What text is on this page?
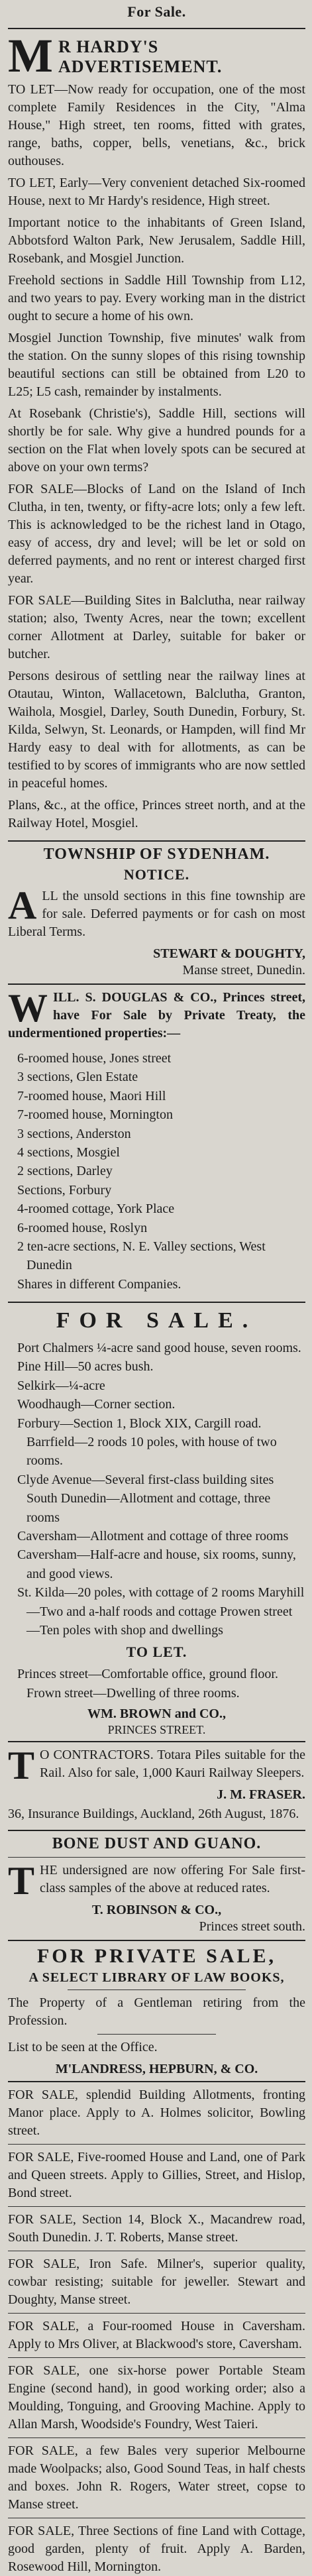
For Sale.
M R HARDY'S ADVERTISEMENT.
TO LET—Now ready for occupation, one of the most complete Family Residences in the City, "Alma House," High street, ten rooms, fitted with grates, range, baths, copper, bells, venetians, &c., brick outhouses.
TO LET, Early—Very convenient detached Six-roomed House, next to Mr Hardy's residence, High street.
Important notice to the inhabitants of Green Island, Abbotsford Walton Park, New Jerusalem, Saddle Hill, Rosebank, and Mosgiel Junction.
Freehold sections in Saddle Hill Township from L12, and two years to pay. Every working man in the district ought to secure a home of his own.
Mosgiel Junction Township, five minutes' walk from the station. On the sunny slopes of this rising township beautiful sections can still be obtained from L20 to L25; L5 cash, remainder by instalments.
At Rosebank (Christie's), Saddle Hill, sections will shortly be for sale. Why give a hundred pounds for a section on the Flat when lovely spots can be secured at above on your own terms?
FOR SALE—Blocks of Land on the Island of Inch Clutha, in ten, twenty, or fifty-acre lots; only a few left. This is acknowledged to be the richest land in Otago, easy of access, dry and level; will be let or sold on deferred payments, and no rent or interest charged first year.
FOR SALE—Building Sites in Balclutha, near railway station; also, Twenty Acres, near the town; excellent corner Allotment at Darley, suitable for baker or butcher.
Persons desirous of settling near the railway lines at Otautau, Winton, Wallacetown, Balclutha, Granton, Waihola, Mosgiel, Darley, South Dunedin, Forbury, St. Kilda, Selwyn, St. Leonards, or Hampden, will find Mr Hardy easy to deal with for allotments, as can be testified to by scores of immigrants who are now settled in peaceful homes.
Plans, &c., at the office, Princes street north, and at the Railway Hotel, Mosgiel.
TOWNSHIP OF SYDENHAM.
NOTICE.
A LL the unsold sections in this fine township are for sale. Deferred payments or for cash on most Liberal Terms.
STEWART & DOUGHTY,
Manse street, Dunedin.
W ILL. S. DOUGLAS & CO., Princes street, have For Sale by Private Treaty, the undermentioned properties:—
6-roomed house, Jones street
3 sections, Glen Estate
7-roomed house, Maori Hill
7-roomed house, Mornington
3 sections, Anderston
4 sections, Mosgiel
2 sections, Darley
Sections, Forbury
4-roomed cottage, York Place
6-roomed house, Roslyn
2 ten-acre sections, N. E. Valley sections, West Dunedin
Shares in different Companies.
FOR SALE.
Port Chalmers ¼-acre sand good house, seven rooms.
Pine Hill—50 acres bush.
Selkirk—¼-acre
Woodhaugh—Corner section.
Forbury—Section 1, Block XIX, Cargill road. Barrfield—2 roods 10 poles, with house of two rooms.
Clyde Avenue—Several first-class building sites South Dunedin—Allotment and cottage, three rooms
Caversham—Allotment and cottage of three rooms
Caversham—Half-acre and house, six rooms, sunny, and good views.
St. Kilda—20 poles, with cottage of 2 rooms Maryhill—Two and a-half roods and cottage Prowen street—Ten poles with shop and dwellings
TO LET.
Princes street—Comfortable office, ground floor. Frown street—Dwelling of three rooms.
WM. BROWN and CO.,
PRINCES STREET.
T O CONTRACTORS. Totara Piles suitable for the Rail. Also for sale, 1,000 Kauri Railway Sleepers.
J. M. FRASER.
36, Insurance Buildings, Auckland, 26th August, 1876.
BONE DUST AND GUANO.
T HE undersigned are now offering For Sale first-class samples of the above at reduced rates.
T. ROBINSON & CO.,
Princes street south.
FOR PRIVATE SALE,
A SELECT LIBRARY OF LAW BOOKS,
The Property of a Gentleman retiring from the Profession.
List to be seen at the Office.
M'LANDRESS, HEPBURN, & CO.
FOR SALE, splendid Building Allotments, fronting Manor place. Apply to A. Holmes solicitor, Bowling street.
FOR SALE, Five-roomed House and Land, one of Park and Queen streets. Apply to Gillies, Street, and Hislop, Bond street.
FOR SALE, Section 14, Block X., Macandrew road, South Dunedin. J. T. Roberts, Manse street.
FOR SALE, Iron Safe. Milner's, superior quality, cowbar resisting; suitable for jeweller. Stewart and Doughty, Manse street.
FOR SALE, a Four-roomed House in Caversham. Apply to Mrs Oliver, at Blackwood's store, Caversham.
FOR SALE, one six-horse power Portable Steam Engine (second hand), in good working order; also a Moulding, Tonguing, and Grooving Machine. Apply to Allan Marsh, Woodside's Foundry, West Taieri.
FOR SALE, a few Bales very superior Melbourne made Woolpacks; also, Good Sound Teas, in half chests and boxes. John R. Rogers, Water street, copse to Manse street.
FOR SALE, Three Sections of fine Land with Cottage, good garden, plenty of fruit. Apply A. Barden, Rosewood Hill, Mornington.
